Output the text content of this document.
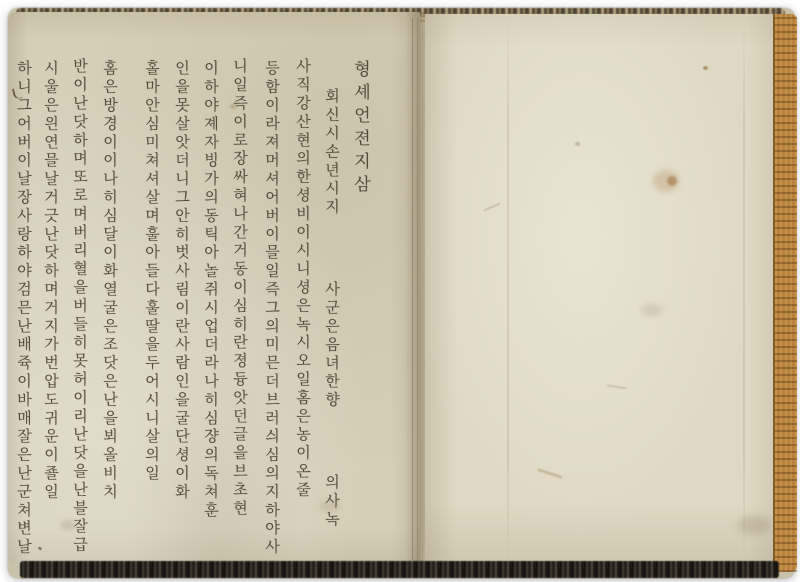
형셰언젼지삼
회신시손년시지   사군은음녀한향   의사녹
사직강산현의한셩비이시니셩은녹시오일홈은농이온줄
등함이라져머셔어버이믈일즉그의미믄더브러싀심의지하야사
니일즉이로장싸혀나간거동이심히란졍듕앗던글을브초현
이하야졔자빙가의동틱아놀쥐시업더라나히심쟝의독쳐훈
인을못살앗더니그안히벗사림이란사람인을굴단셩이화
홀마안심미쳐셔살며훌아들다훌딸을두어시니살의일
홈은방경이이나히심달이화열굴은조닷은난을뵈올비치
반이난닷하며또로며버리혈을버들히못허이리난닷을난블잘급
시울은읜연믈날거긋난닷하며거지가번압도귀운이죨일
하니그어버이날장사랑하야검믄난배쥭이바매잘은난군쳐변날
